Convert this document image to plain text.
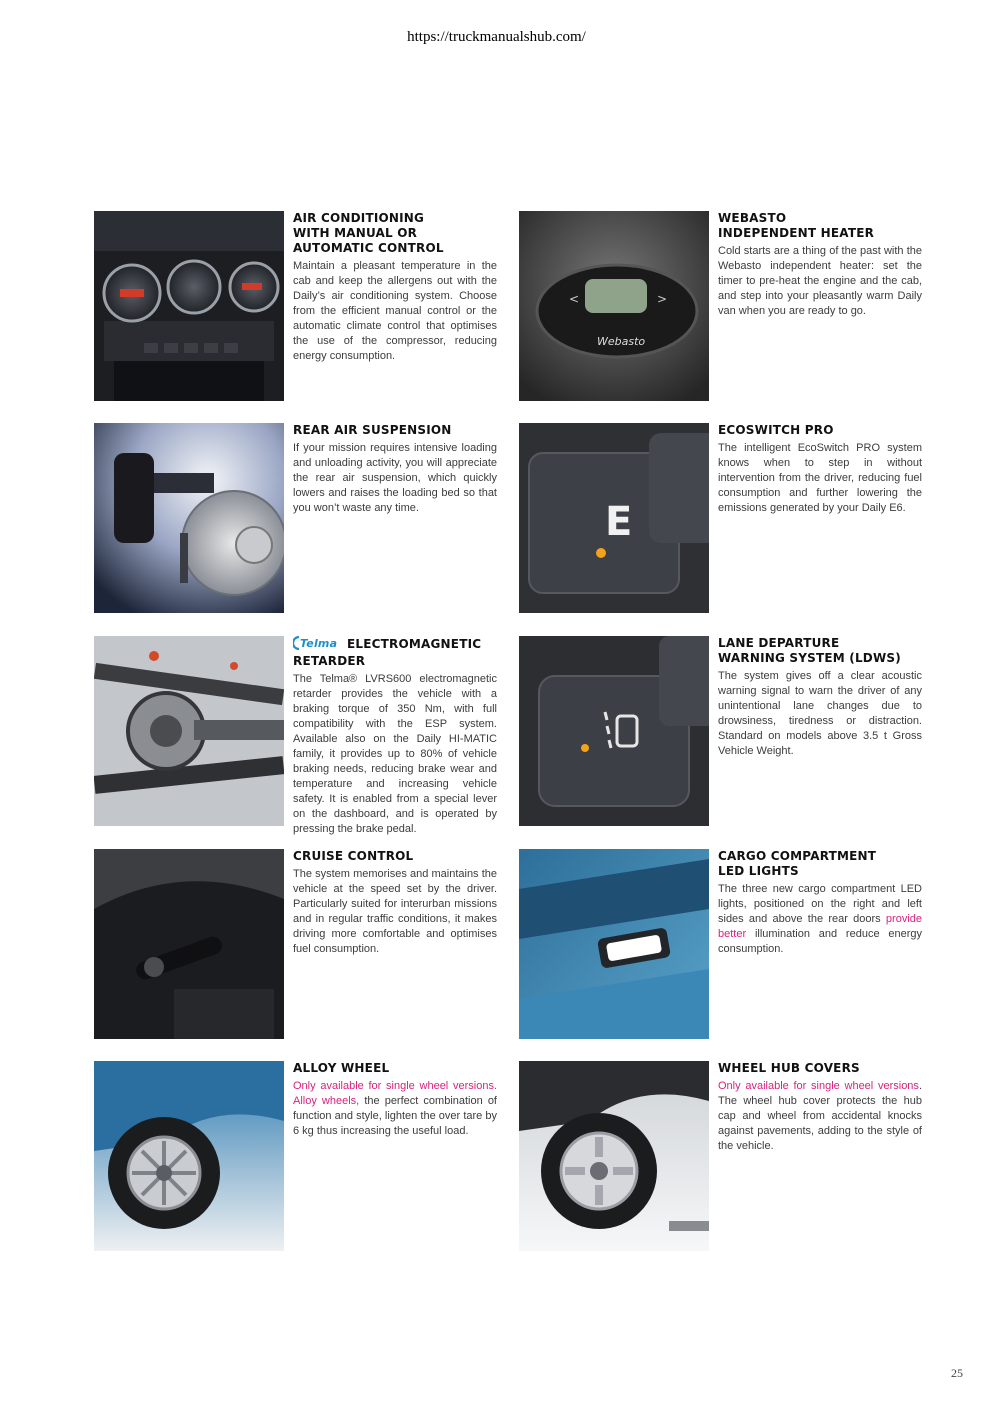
https://truckmanualshub.com/
AIR CONDITIONING
WITH MANUAL OR
AUTOMATIC CONTROL

Maintain a pleasant temperature in the cab and keep the allergens out with the Daily’s air conditioning system. Choose from the efficient manual control or the automatic climate control that optimises the use of the compressor, reducing energy consumption.

<	>
Webasto
WEBASTO
INDEPENDENT HEATER

Cold starts are a thing of the past with the Webasto independent heater: set the timer to pre-heat the engine and the cab, and step into your pleasantly warm Daily van when you are ready to go.

REAR AIR SUSPENSION

If your mission requires intensive loading and unloading activity, you will appreciate the rear air suspension, which quickly lowers and raises the loading bed so that you won’t waste any time.	E
ECOSWITCH PRO

The intelligent EcoSwitch PRO system knows when to step in without intervention from the driver, reducing fuel consumption and further lowering the emissions generated by your Daily E6.

Telma ELECTROMAGNETIC
RETARDER

The Telma® LVRS600 electromagnetic retarder provides the vehicle with a braking torque of 350 Nm, with full compatibility with the ESP system. Available also on the Daily HI-MATIC family, it provides up to 80% of vehicle braking needs, reducing brake wear and temperature and increasing vehicle safety. It is enabled from a special lever on the dashboard, and is operated by pressing the brake pedal.

LANE DEPARTURE
WARNING SYSTEM (LDWS)

The system gives off a clear acoustic warning signal to warn the driver of any unintentional lane changes due to drowsiness, tiredness or distraction. Standard on models above 3.5 t Gross Vehicle Weight.

CRUISE CONTROL

The system memorises and maintains the vehicle at the speed set by the driver. Particularly suited for interurban missions and in regular traffic conditions, it makes driving more comfortable and optimises fuel consumption.

CARGO COMPARTMENT
LED LIGHTS

The three new cargo compartment LED lights, positioned on the right and left sides and above the rear doors provide better illumination and reduce energy consumption.

ALLOY WHEEL

Only available for single wheel versions. Alloy wheels, the perfect combination of function and style, lighten the over tare by 6 kg thus increasing the useful load.

WHEEL HUB COVERS

Only available for single wheel versions. The wheel hub cover protects the hub cap and wheel from accidental knocks against pavements, adding to the style of the vehicle.

25
